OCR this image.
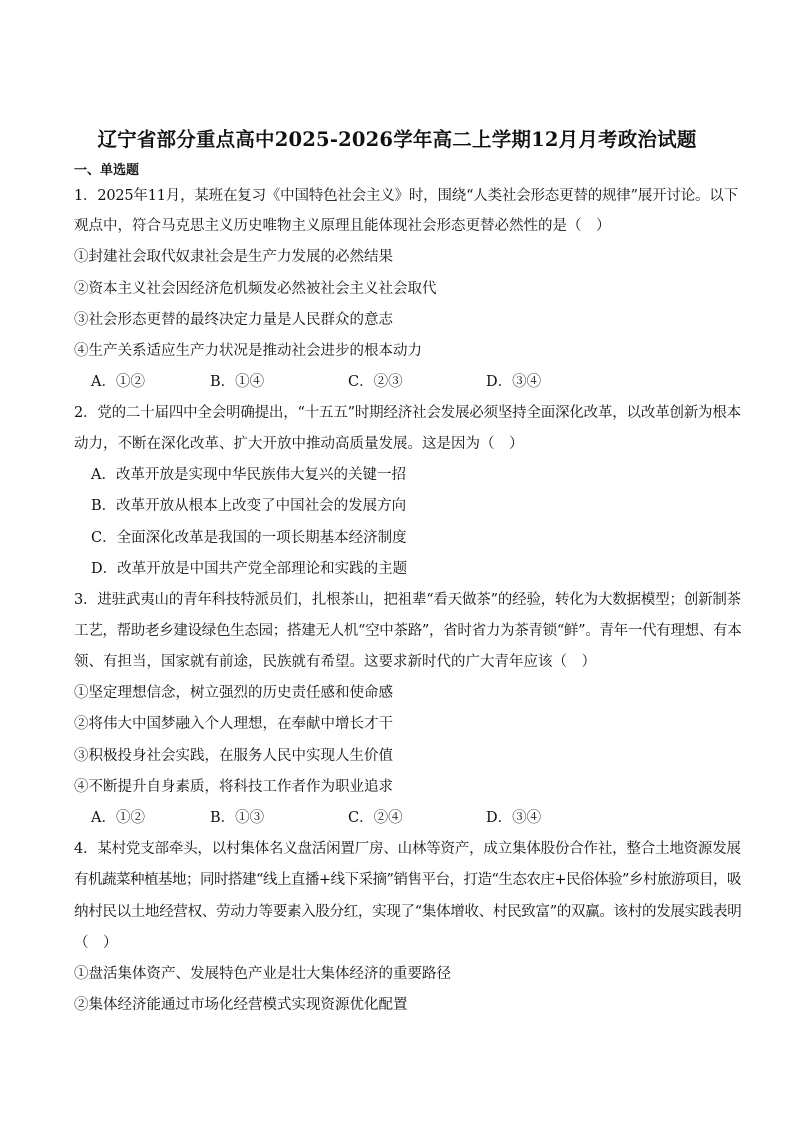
辽宁省部分重点高中2025-2026学年高二上学期12月月考政治试题
一、单选题
1．2025年11月，某班在复习《中国特色社会主义》时，围绕“人类社会形态更替的规律”展开讨论。以下
观点中，符合马克思主义历史唯物主义原理且能体现社会形态更替必然性的是（　）
①封建社会取代奴隶社会是生产力发展的必然结果
②资本主义社会因经济危机频发必然被社会主义社会取代
③社会形态更替的最终决定力量是人民群众的意志
④生产关系适应生产力状况是推动社会进步的根本动力
A．①②	B．①④	C．②③	D．③④
2．党的二十届四中全会明确提出，“十五五”时期经济社会发展必须坚持全面深化改革，以改革创新为根本
动力，不断在深化改革、扩大开放中推动高质量发展。这是因为（　）
A．改革开放是实现中华民族伟大复兴的关键一招
B．改革开放从根本上改变了中国社会的发展方向
C．全面深化改革是我国的一项长期基本经济制度
D．改革开放是中国共产党全部理论和实践的主题
3．进驻武夷山的青年科技特派员们，扎根茶山，把祖辈“看天做茶”的经验，转化为大数据模型；创新制茶
工艺，帮助老乡建设绿色生态园；搭建无人机“空中茶路”，省时省力为茶青锁“鲜”。青年一代有理想、有本
领、有担当，国家就有前途，民族就有希望。这要求新时代的广大青年应该（　）
①坚定理想信念，树立强烈的历史责任感和使命感
②将伟大中国梦融入个人理想，在奉献中增长才干
③积极投身社会实践，在服务人民中实现人生价值
④不断提升自身素质，将科技工作者作为职业追求
A．①②	B．①③	C．②④	D．③④
4．某村党支部牵头，以村集体名义盘活闲置厂房、山林等资产，成立集体股份合作社，整合土地资源发展
有机蔬菜种植基地；同时搭建“线上直播+线下采摘”销售平台，打造“生态农庄+民俗体验”乡村旅游项目，吸
纳村民以土地经营权、劳动力等要素入股分红，实现了“集体增收、村民致富”的双赢。该村的发展实践表明
（　）
①盘活集体资产、发展特色产业是壮大集体经济的重要路径
②集体经济能通过市场化经营模式实现资源优化配置
